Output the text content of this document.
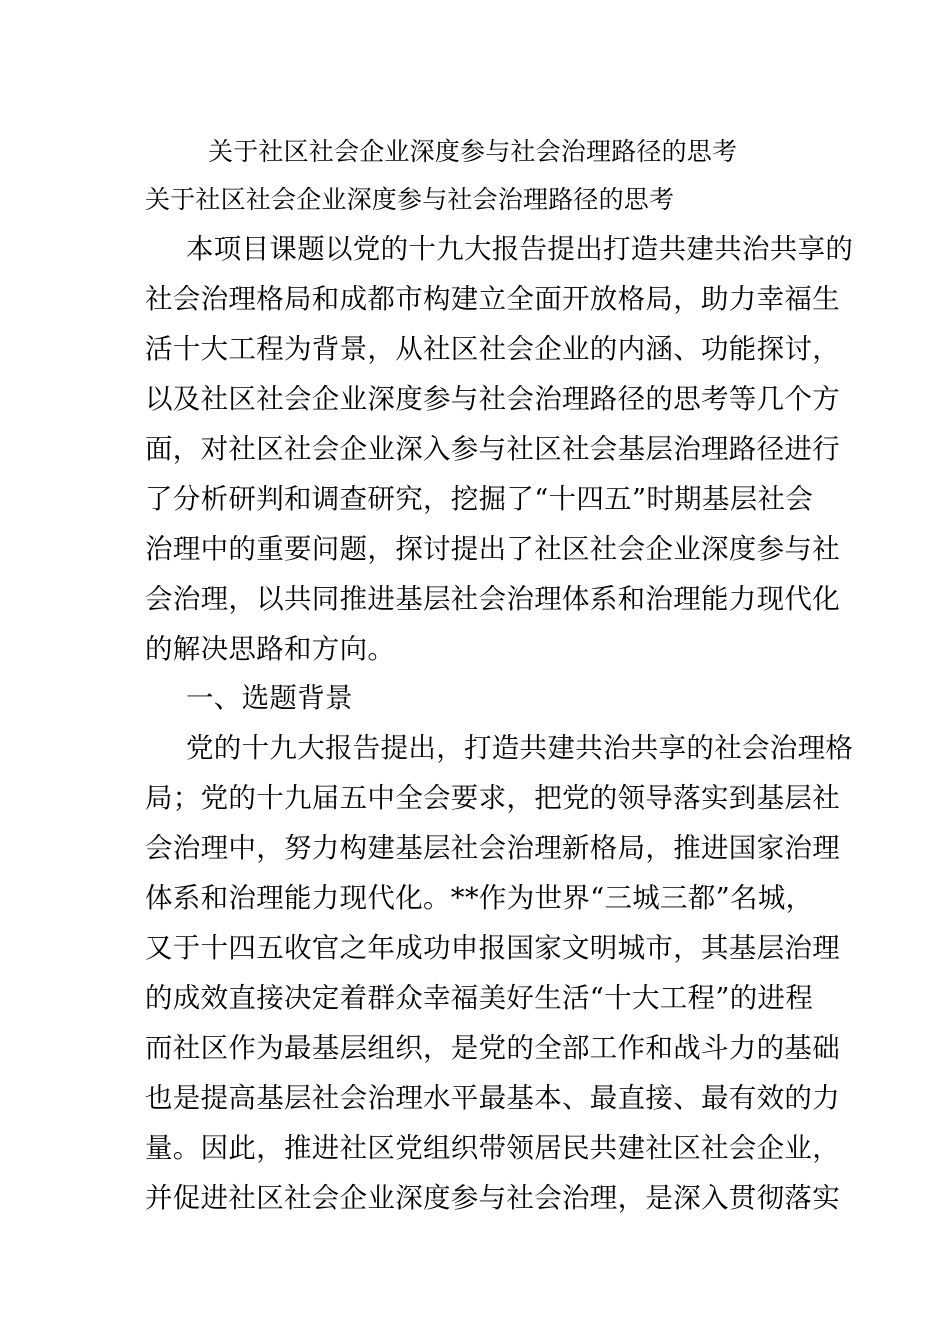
关于社区社会企业深度参与社会治理路径的思考
关于社区社会企业深度参与社会治理路径的思考
本项目课题以党的十九大报告提出打造共建共治共享的
社会治理格局和成都市构建立全面开放格局，助力幸福生
活十大工程为背景，从社区社会企业的内涵、功能探讨，
以及社区社会企业深度参与社会治理路径的思考等几个方
面，对社区社会企业深入参与社区社会基层治理路径进行
了分析研判和调查研究，挖掘了“十四五”时期基层社会
治理中的重要问题，探讨提出了社区社会企业深度参与社
会治理，以共同推进基层社会治理体系和治理能力现代化
的解决思路和方向。
一、选题背景
党的十九大报告提出，打造共建共治共享的社会治理格
局；党的十九届五中全会要求，把党的领导落实到基层社
会治理中，努力构建基层社会治理新格局，推进国家治理
体系和治理能力现代化。**作为世界“三城三都”名城，
又于十四五收官之年成功申报国家文明城市，其基层治理
的成效直接决定着群众幸福美好生活“十大工程”的进程
而社区作为最基层组织，是党的全部工作和战斗力的基础
也是提高基层社会治理水平最基本、最直接、最有效的力
量。因此，推进社区党组织带领居民共建社区社会企业，
并促进社区社会企业深度参与社会治理，是深入贯彻落实
